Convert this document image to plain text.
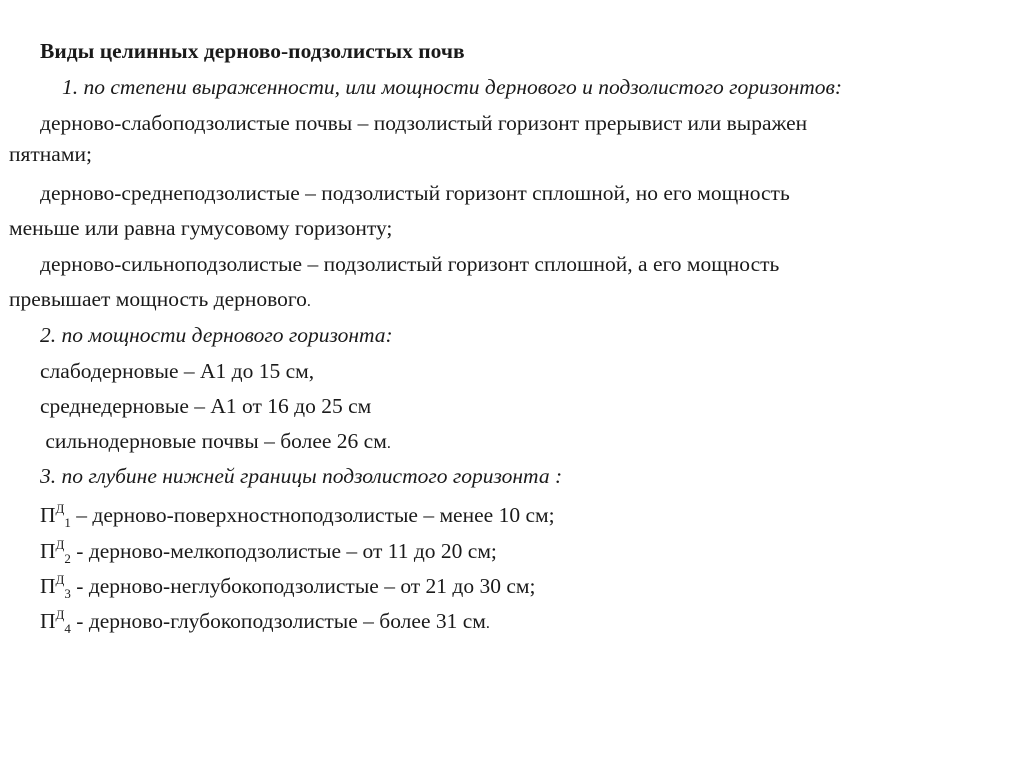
Виды целинных дерново-подзолистых почв
1. по степени выраженности, или мощности дернового и подзолистого горизонтов:
дерново-слабоподзолистые почвы – подзолистый горизонт прерывист или выражен
пятнами;
дерново-среднеподзолистые – подзолистый горизонт сплошной, но его мощность
меньше или равна гумусовому горизонту;
дерново-сильноподзолистые – подзолистый горизонт сплошной, а его мощность
превышает мощность дернового.
2. по мощности дернового горизонта:
слабодерновые – А1 до 15 см,
среднедерновые – А1 от 16 до 25 см
сильнодерновые почвы – более 26 см.
3. по глубине нижней границы подзолистого горизонта :
$П^Д_1$ – дерново-поверхностноподзолистые – менее 10 см;
$П^Д_2$ - дерново-мелкоподзолистые – от 11 до 20 см;
$П^Д_3$ - дерново-неглубокоподзолистые – от 21 до 30 см;
$П^Д_4$ - дерново-глубокоподзолистые – более 31 см.
